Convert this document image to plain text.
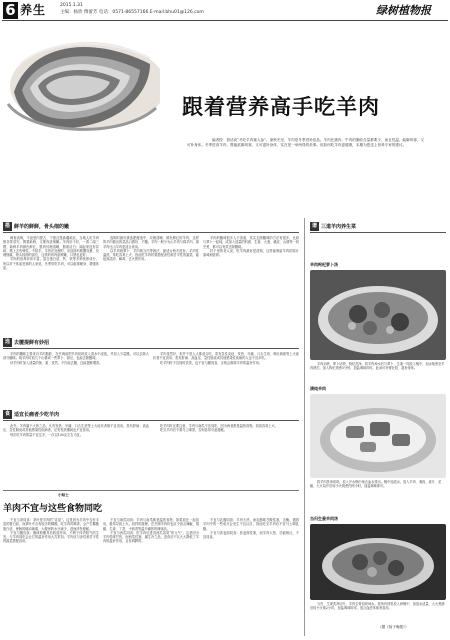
6 养生	2015.1.31
主编：杨欣 傅蕾芳 电话：0571-86557166 E-mail:bhu01@126.com	绿树植物报
跟着营养高手吃羊肉
编者按：俗话说“冬吃羊肉赛人参”。深秋冬至，羊肉是冬季进补佳品。羊肉比猪肉、牛肉的脂肪含量都要少，而且性温，能御风寒，又可补身体。冬季进食羊肉，既能抵御风寒，又可滋补身体，实在是一举两得的美事。但如何吃羊肉更健康，本期为您送上营养专家的建议。
搭 鲜羊的鲜鲜，骨头细的嫩

调查表明，不论是内蒙古、宁夏还是新疆地区，当地人吃羊肉都非常讲究，既要新鲜，又要肉质细嫩。羊肉好不好，一看二闻三摸，新鲜羊肉颜色鲜红，肌肉纹理清晰，脂肪洁白；闻起来没有异味；摸上去有弹性，不粘手。羊肉在处理时，应选择有筋膜包裹、纹理细腻、骨头较细的部位，这样的肉肉质鲜嫩，口感也更好。

羊肉的营养非常丰富，富含蛋白质、钙、铁等多种营养成分，所以对于体质虚寒的人来说，冬季常吃羊肉，可以驱寒暖身、增强体质。

选购时最好挑选肥瘦适中、纹理清晰、颜色鲜红的羊肉，这样的羊肉做出的菜品口感好、不膻。羊肉一般分为山羊肉与绵羊肉，绵羊肉比山羊肉更适合食用。

以羊肉炖萝卜、羊肉炖当归等做法，最适合秋冬进补。羊肉性温热，常吃容易上火，因此吃羊肉时要搭配凉性和甘平性的蔬菜，能起到清凉、解毒、去火的作用。

羊肉的膻味很多人不喜欢，其实去除膻味的方法有很多，比如与萝卜一起炖，或加入适量的料酒、生姜、大葱、橘皮、山楂等一同烹煮，都可以有效去除膻味。

村子里的老人说，吃羊肉最好是清炖，这样能保留羊肉的原汁原味和营养。

选 去膻提鲜有妙招

羊肉的膻味主要来自羊的脂肪，在烹调前把羊肉切块放入清水中浸泡，并加入少量醋，可以去除大部分膻味。炖羊肉时放几个山楂或一些萝卜、绿豆，也能去除膻味。

炒羊肉时加入适量的葱、姜、孜然，不仅能去膻，还能提鲜增香。

羊肉虽然好，但并不是人人都适合吃。患有急性炎症、发热、牙痛、口舌生疮、咳吐黄痰等上火症状者不宜食用；患有肝病、高血压、急性肠炎或其他感染性疾病的人也不宜多吃。

吃羊肉时不宜同时饮茶，也不宜与醋同食，否则会削弱羊肉的温补作用。

食 适宜长痛者少吃羊肉

此外，羊肉属于大热之品，凡有发热、牙痛、口舌生疮等上火症状者都不宜食用。患有肝病、高血压、急性肠炎或其他感染性疾病者，还有发热期间也不宜食用。

每次吃羊肉的量不宜过多，一次以100克左右为宜。

吃羊肉时还要注意，羊肉与南瓜不宜同吃，因为两者都是温热食物，同食容易上火。

吃完羊肉后不要马上喝茶，否则容易引起便秘。

小贴士
羊肉不宜与这些食物同吃

不宜与茶同食：茶叶是羊肉的“克星”。这是因为羊肉中含有丰富的蛋白质，而茶叶中含有较多的鞣酸，吃羊肉时喝茶，会产生鞣酸蛋白质，使肠的蠕动减弱，大便里的水分减少，进而诱发便秘。

不宜与醋同食：酸味的醋具有收敛作用，不利于体内阳气的生发，与羊肉同吃会让它的温补作用大打折扣。羊肉应与凉性和甘平性的蔬菜搭配食用。

不宜与南瓜同食：羊肉与南瓜都是温热食物，如果放在一起食用，极易导致上火。同样的道理，在烹调羊肉时也应少放点辣椒、胡椒、生姜、丁香、小茴香等温辛燥热的调味品。

不宜与西瓜同食：吃羊肉后进食西瓜容易“伤元气”。这是因为羊肉性味甘热，而西瓜性寒，属生冷之品，进食后不仅大大降低了羊肉的温补作用，且有碍脾胃。

不宜与乳酪同食：羊肉大热，而乳酪味甘酸性寒，含酶，遇到羊肉中的一些成分会发生不良反应，因此吃完羊肉后不宜马上喝乳酪。

不宜与荞麦面同食：荞麦面性寒，而羊肉大热，功能相反，不宜同食。

谱 三道羊肉养生菜
羊肉枸杞萝卜汤
羊肉切块，萝卜切块，枸杞洗净。将羊肉焯水后与萝卜、生姜一同放入锅中，加水炖煮至羊肉熟烂，加入枸杞再煮5分钟，加盐调味即可。此汤可补肾壮阳、滋补身体。
清炖羊肉
将羊肉洗净切块，放入开水锅中焯去血水捞出。锅中加清水，放入羊肉、葱段、姜片、花椒，大火烧开后转小火炖煮约两小时，加盐调味即可。
当归生姜羊肉汤
当归、生姜洗净切片，羊肉去骨切块焯水。将所有材料放入砂锅中，加清水适量，大火煮沸后转小火炖2小时，加盐调味即可。适合血虚体寒者食用。
（据《扬子晚报》）
